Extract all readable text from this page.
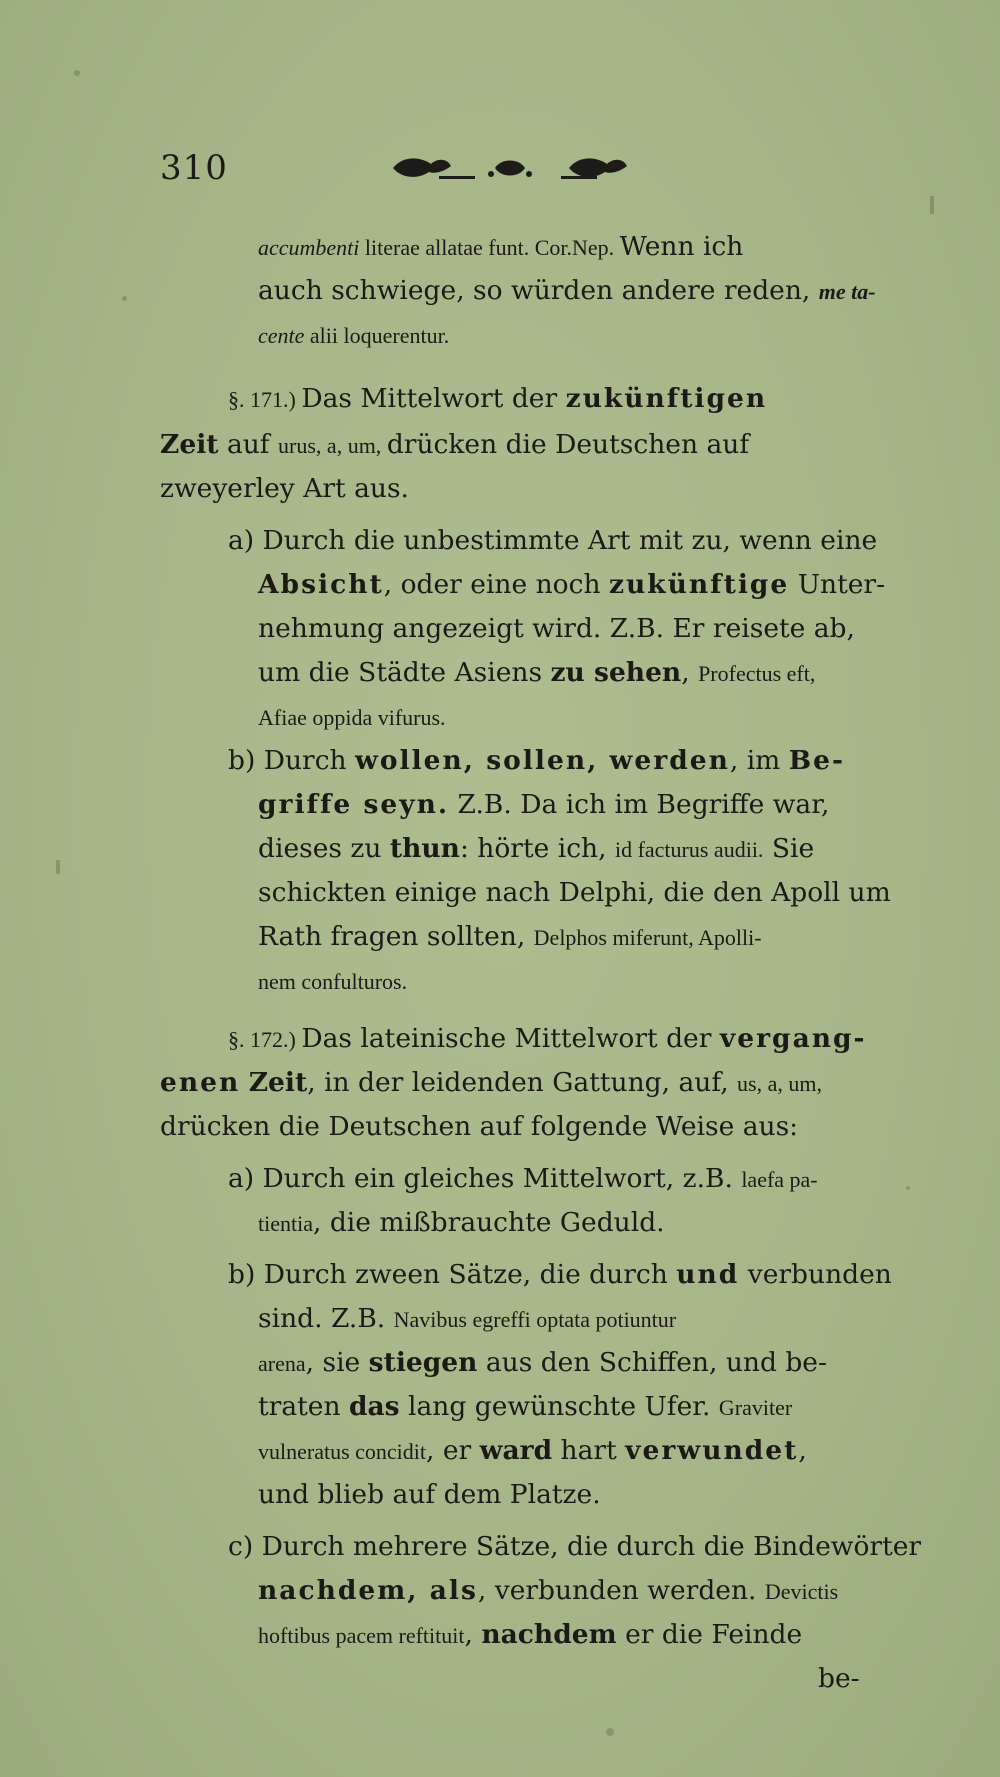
310
accumbenti literae allatae funt. Cor.Nep. Wenn ich
auch schwiege, so würden andere reden, me ta-
cente alii loquerentur.
§. 171.) Das Mittelwort der zukünftigen
Zeit auf urus, a, um, drücken die Deutschen auf
zweyerley Art aus.
a) Durch die unbestimmte Art mit zu, wenn eine
Absicht, oder eine noch zukünftige Unter-
nehmung angezeigt wird. Z.B. Er reisete ab,
um die Städte Asiens zu sehen, Profectus eft,
Afiae oppida vifurus.
b) Durch wollen, sollen, werden, im Be-
griffe seyn. Z.B. Da ich im Begriffe war,
dieses zu thun: hörte ich, id facturus audii. Sie
schickten einige nach Delphi, die den Apoll um
Rath fragen sollten, Delphos miferunt, Apolli-
nem confulturos.
§. 172.) Das lateinische Mittelwort der vergang-
enen Zeit, in der leidenden Gattung, auf, us, a, um,
drücken die Deutschen auf folgende Weise aus:
a) Durch ein gleiches Mittelwort, z.B. laefa pa-
tientia, die mißbrauchte Geduld.
b) Durch zween Sätze, die durch und verbunden
sind. Z.B. Navibus egreffi optata potiuntur
arena, sie stiegen aus den Schiffen, und be-
traten das lang gewünschte Ufer. Graviter
vulneratus concidit, er ward hart verwundet,
und blieb auf dem Platze.
c) Durch mehrere Sätze, die durch die Bindewörter
nachdem, als, verbunden werden. Devictis
hoftibus pacem reftituit, nachdem er die Feinde
be-
